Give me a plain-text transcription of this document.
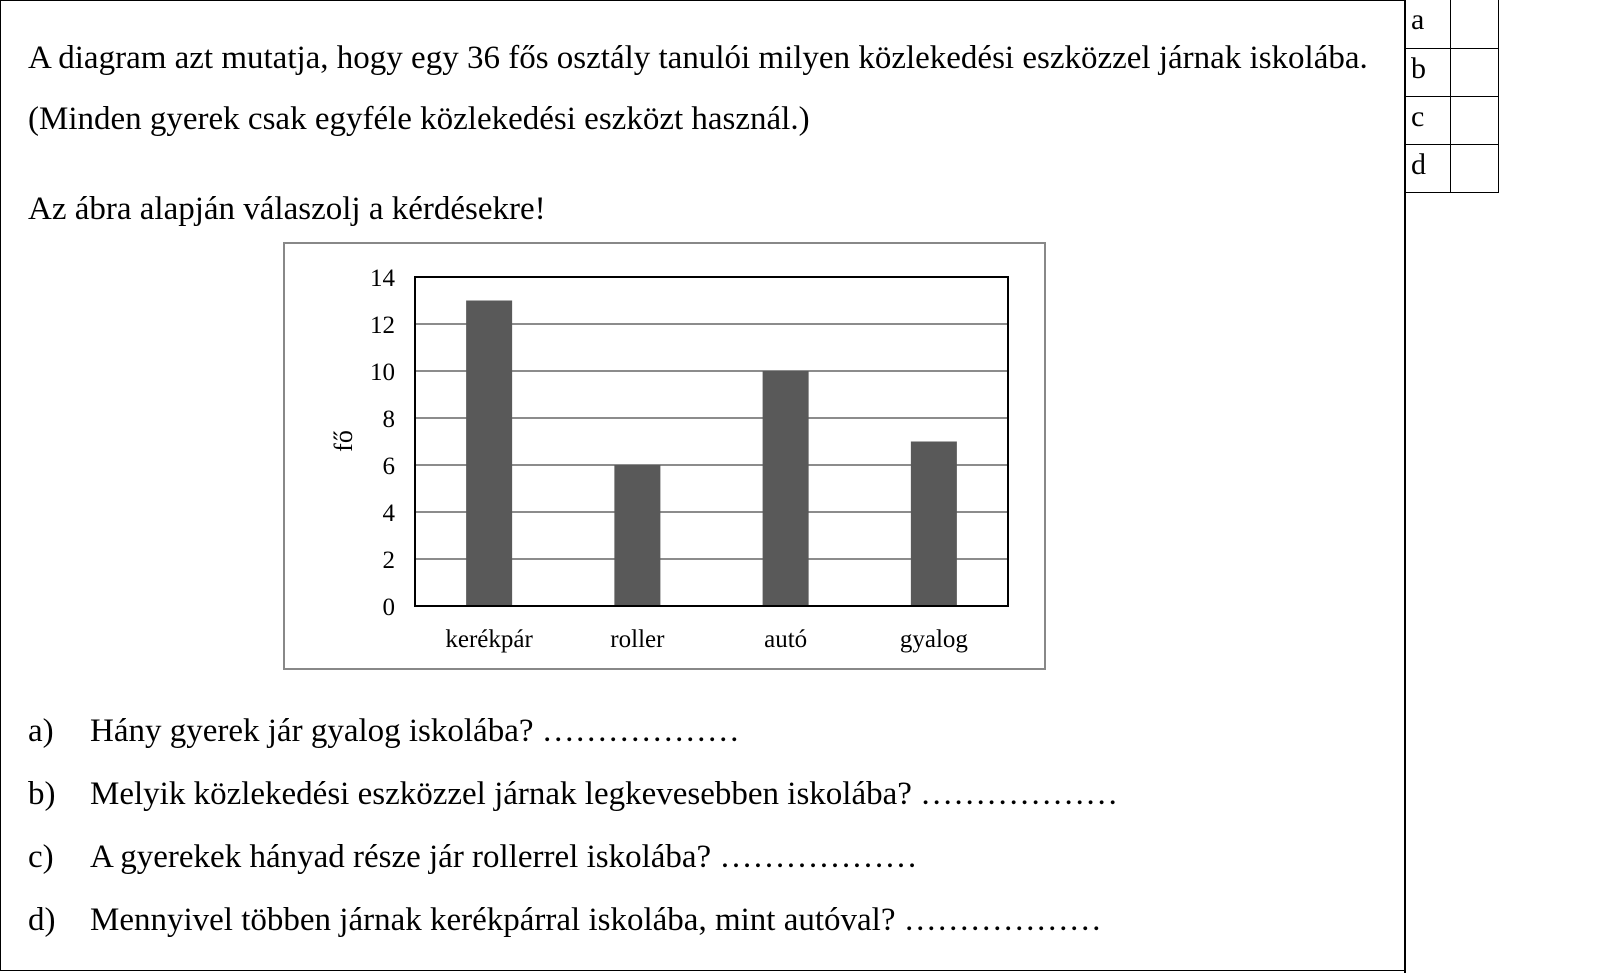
A diagram azt mutatja, hogy egy 36 fős osztály tanulói milyen közlekedési eszközzel járnak iskolába. (Minden gyerek csak egyféle közlekedési eszközt használ.)

Az ábra alapján válaszolj a kérdésekre!

0
2
4
6
8
10
12
14
kerékpár	roller	autó	gyalog
fő
a) Hány gyerek jár gyalog iskolába? ………………
b) Melyik közlekedési eszközzel járnak legkevesebben iskolába? ………………
c) A gyerekek hányad része jár rollerrel iskolába? ………………
d) Mennyivel többen járnak kerékpárral iskolába, mint autóval? ………………
a	
b	
c	
d	
